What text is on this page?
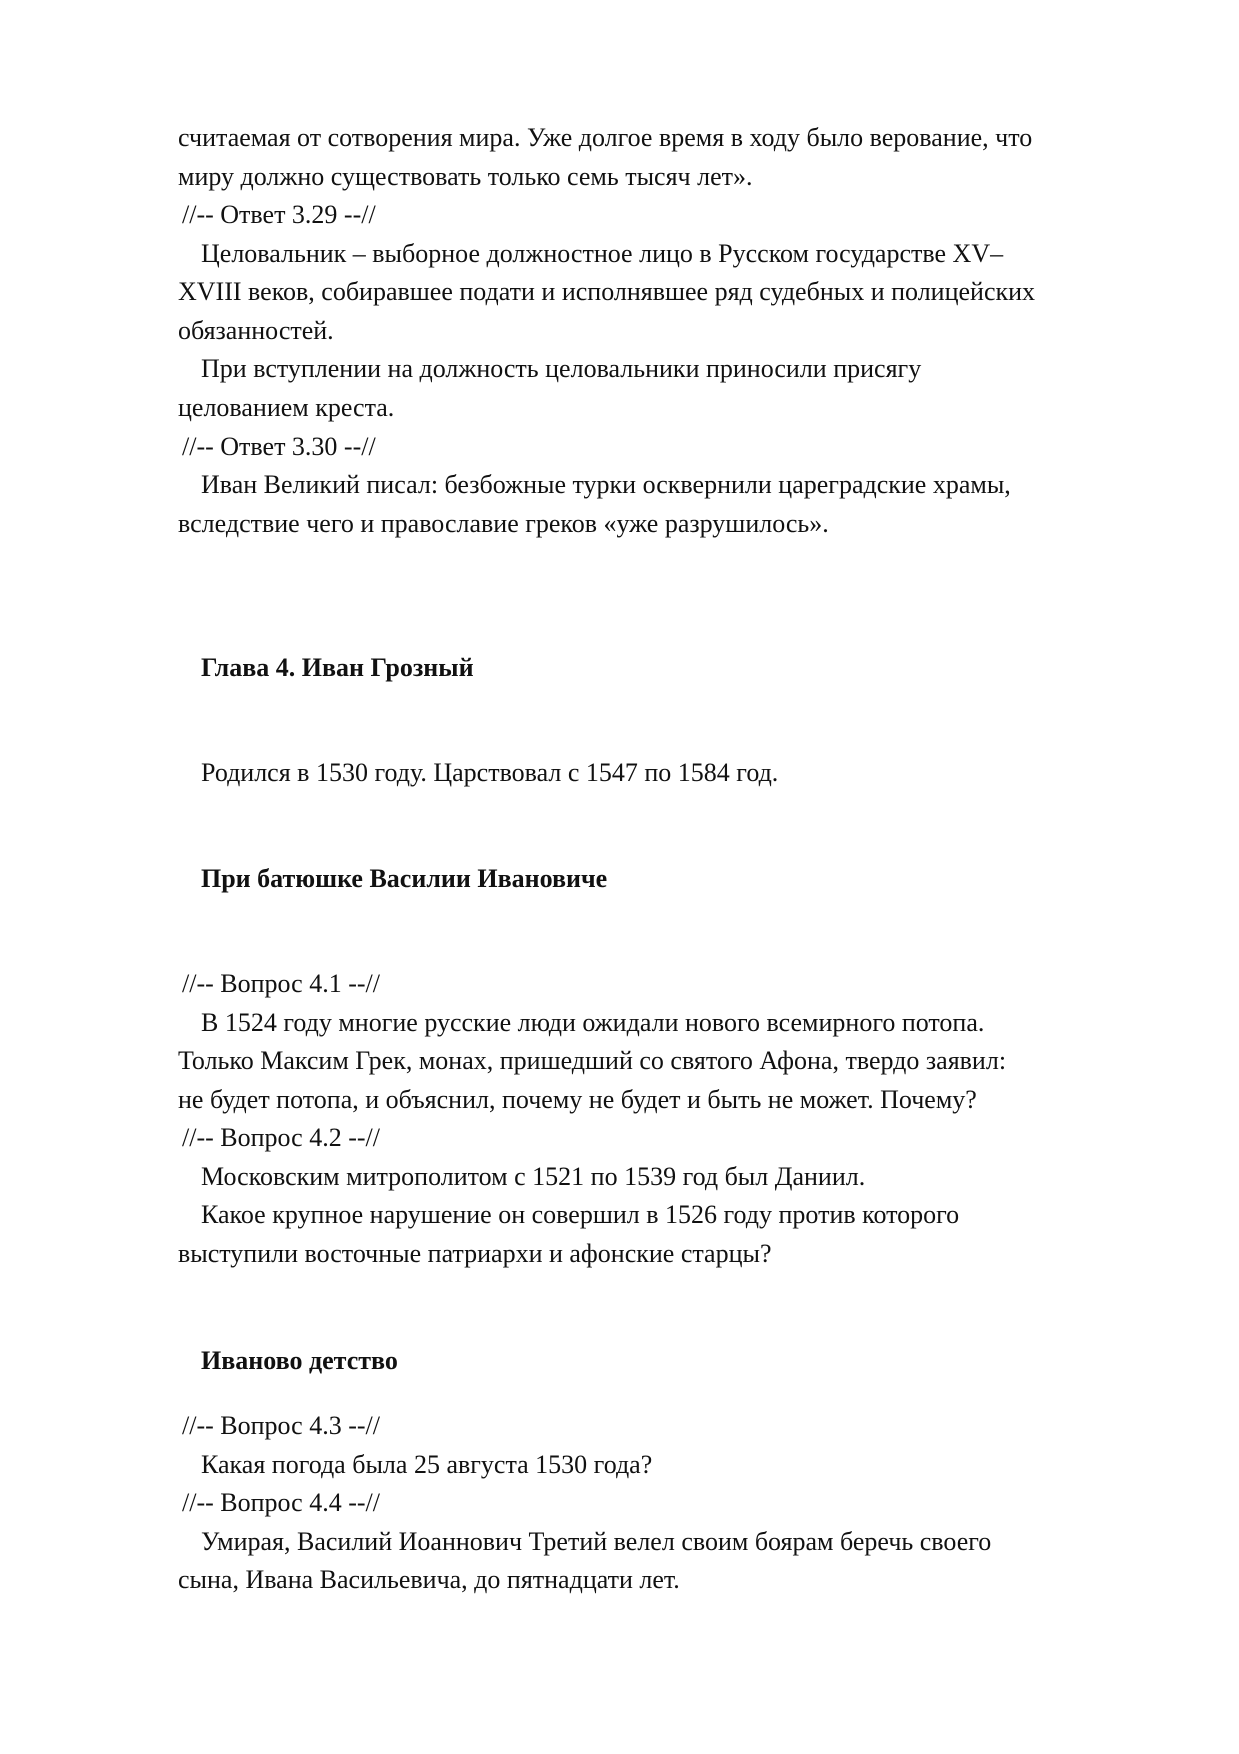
считаемая от сотворения мира. Уже долгое время в ходу было верование, что

миру должно существовать только семь тысяч лет».

//-- Ответ 3.29 --//

Целовальник – выборное должностное лицо в Русском государстве XV–

XVIII веков, собиравшее подати и исполнявшее ряд судебных и полицейских

обязанностей.

При вступлении на должность целовальники приносили присягу

целованием креста.

//-- Ответ 3.30 --//

Иван Великий писал: безбожные турки осквернили цареградские храмы,

вследствие чего и православие греков «уже разрушилось».

Глава 4. Иван Грозный

Родился в 1530 году. Царствовал с 1547 по 1584 год.

При батюшке Василии Ивановиче

//-- Вопрос 4.1 --//

В 1524 году многие русские люди ожидали нового всемирного потопа.

Только Максим Грек, монах, пришедший со святого Афона, твердо заявил:

не будет потопа, и объяснил, почему не будет и быть не может. Почему?

//-- Вопрос 4.2 --//

Московским митрополитом с 1521 по 1539 год был Даниил.

Какое крупное нарушение он совершил в 1526 году против которого

выступили восточные патриархи и афонские старцы?

Иваново детство

//-- Вопрос 4.3 --//

Какая погода была 25 августа 1530 года?

//-- Вопрос 4.4 --//

Умирая, Василий Иоаннович Третий велел своим боярам беречь своего

сына, Ивана Васильевича, до пятнадцати лет.
